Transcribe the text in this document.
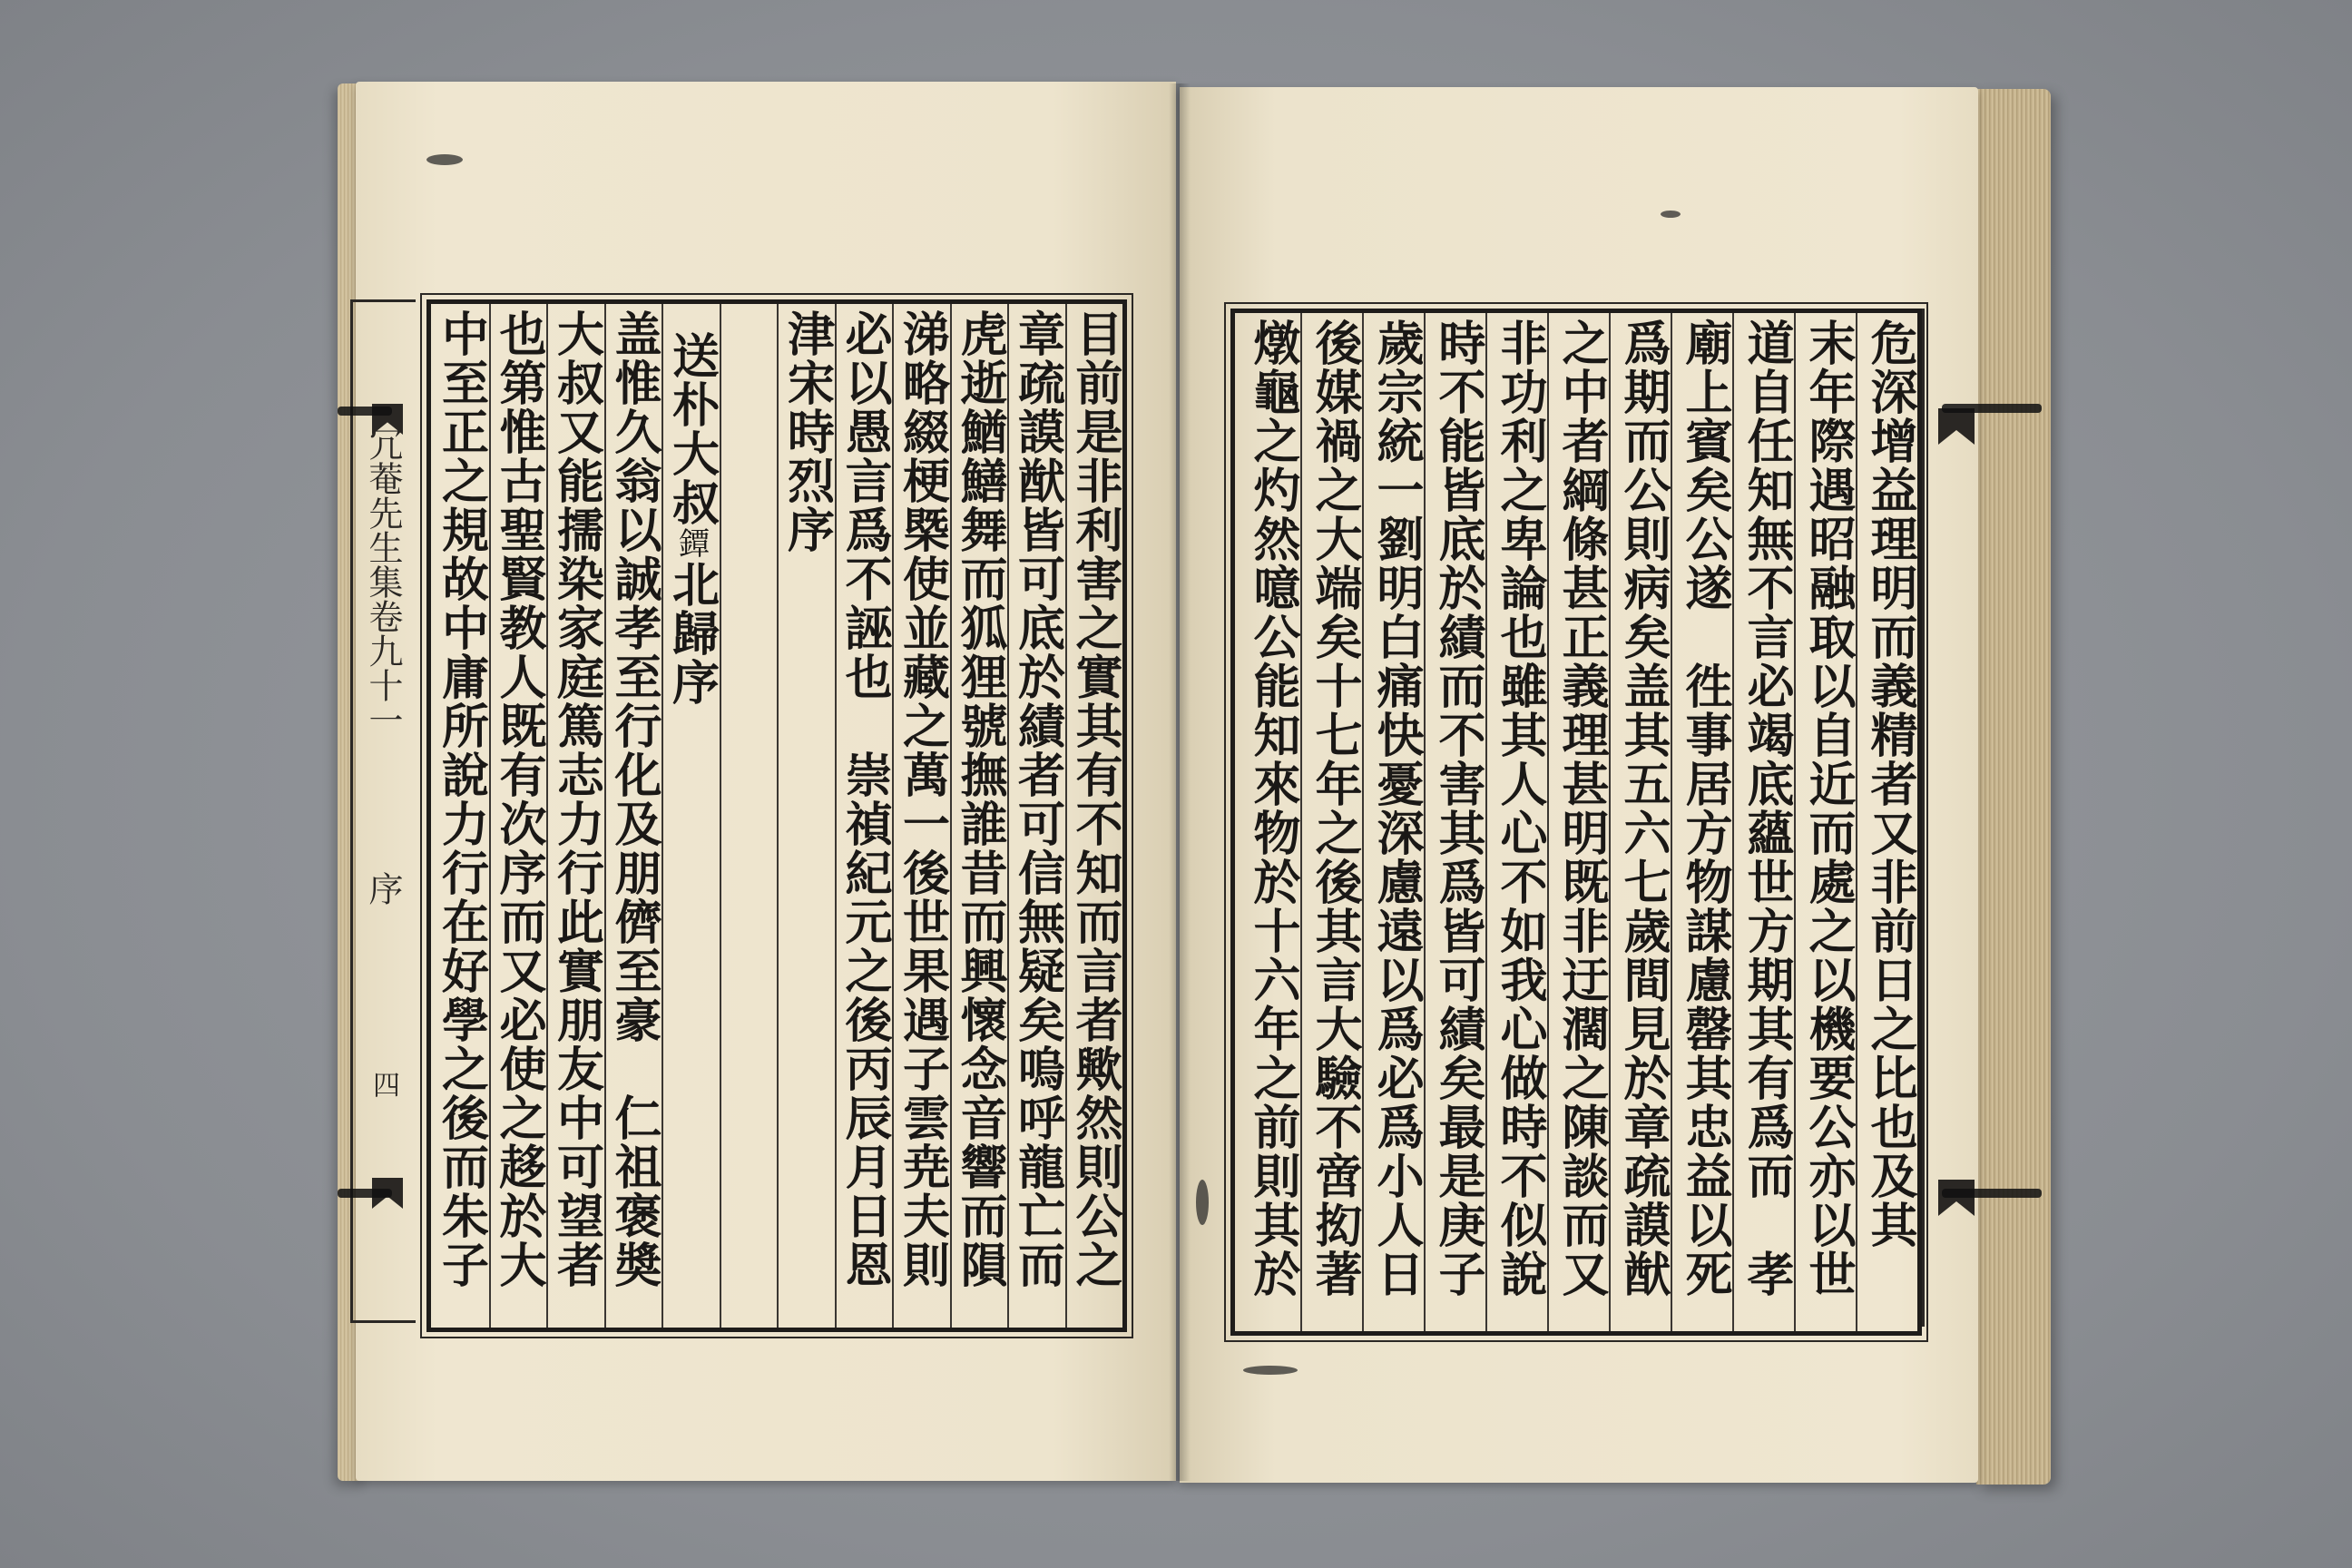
冗菴先生集卷九十一
序
四	目前是非利害之實其有不知而言者歟然則公之
章疏謨猷皆可底於績者可信無疑矣嗚呼龍亡而
虎逝鰌鱔舞而狐狸號撫誰昔而興懷念音響而隕
涕略綴梗槩使並藏之萬一後世果遇子雲尭夫則
必以愚言爲不誣也　崇禎紀元之後丙辰月日恩
津宋時烈序
送朴大叔鐔北歸序
盖惟久翁以誠孝至行化及朋儕至豪　仁祖褒奬
大叔又能擩染家庭篤志力行此實朋友中可望者
也第惟古聖賢教人既有次序而又必使之趍於大
中至正之規故中庸所說力行在好學之後而朱子	危深增益理明而義精者又非前日之比也及其
末年際遇昭融取以自近而處之以機要公亦以世
道自任知無不言必竭底蘊世方期其有爲而　孝
廟上賓矣公遂　徃事居方物謀慮罄其忠益以死
爲期而公則病矣盖其五六七歲間見於章疏謨猷
之中者綱條甚正義理甚明既非迂濶之陳談而又
非功利之卑論也雖其人心不如我心做時不似說
時不能皆底於績而不害其爲皆可績矣最是庚子
歲宗統一劉明白痛快憂深慮遠以爲必爲小人日
後媒禍之大端矣十七年之後其言大驗不啻抝著
燉龜之灼然噫公能知來物於十六年之前則其於
